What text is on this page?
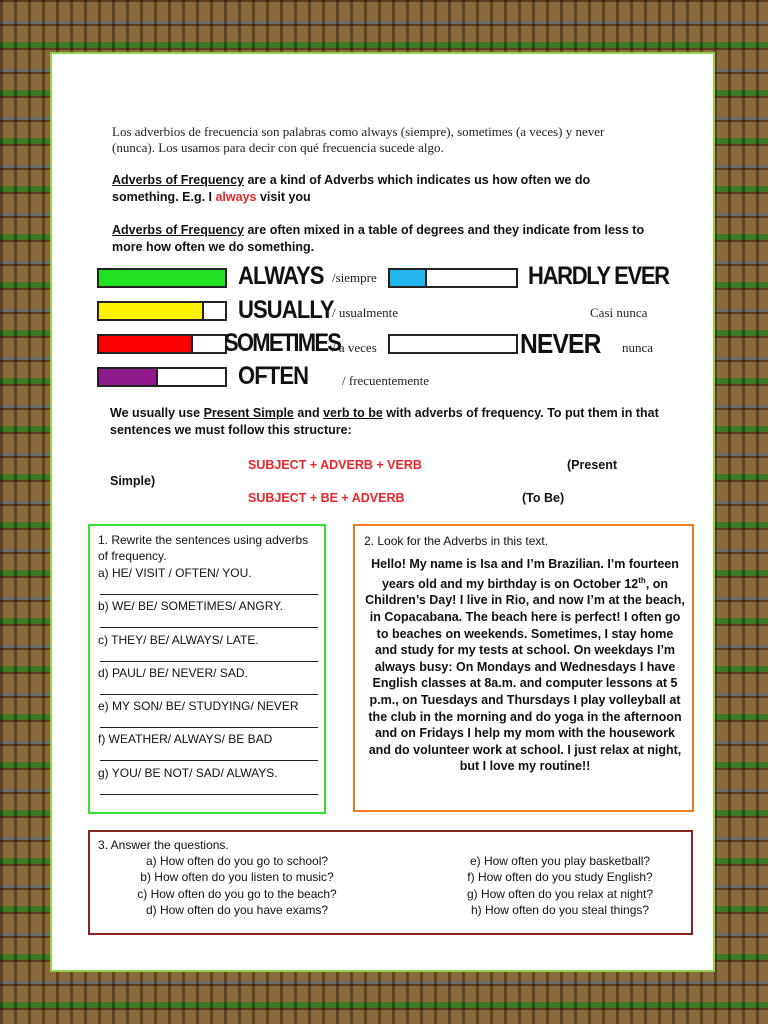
Los adverbios de frecuencia son palabras como always (siempre), sometimes (a veces) y never (nunca). Los usamos para decir con qué frecuencia sucede algo.
Adverbs of Frequency are a kind of Adverbs which indicates us how often we do something. E.g. I always visit you
Adverbs of Frequency are often mixed in a table of degrees and they indicate from less to more how often we do something.
ALWAYS /siempre
USUALLY
/ usualmente
SOMETIMES
/ a veces
OFTEN	/ frecuentemente
HARDLY EVER
Casi nunca
NEVER nunca
We usually use Present Simple and verb to be with adverbs of frequency. To put them in that sentences we must follow this structure:
SUBJECT + ADVERB + VERB	(Present
Simple)
SUBJECT + BE + ADVERB	(To Be)
1. Rewrite the sentences using adverbs
of frequency.
a) HE/ VISIT / OFTEN/ YOU.
b) WE/ BE/ SOMETIMES/ ANGRY.
c) THEY/ BE/ ALWAYS/ LATE.
d) PAUL/ BE/ NEVER/ SAD.
e) MY SON/ BE/ STUDYING/ NEVER
f) WEATHER/ ALWAYS/ BE BAD
g) YOU/ BE NOT/ SAD/ ALWAYS.
2. Look for the Adverbs in this text.
Hello! My name is Isa and I’m Brazilian. I’m fourteen years old and my birthday is on October 12th, on Children’s Day! I live in Rio, and now I’m at the beach, in Copacabana. The beach here is perfect! I often go to beaches on weekends. Sometimes, I stay home and study for my tests at school. On weekdays I’m always busy: On Mondays and Wednesdays I have English classes at 8a.m. and computer lessons at 5 p.m., on Tuesdays and Thursdays I play volleyball at the club in the morning and do yoga in the afternoon and on Fridays I help my mom with the housework and do volunteer work at school. I just relax at night, but I love my routine!!
3. Answer the questions.
a) How often do you go to school?
b) How often do you listen to music?
c) How often do you go to the beach?
d) How often do you have exams?
e) How often you play basketball?
f) How often do you study English?
g) How often do you relax at night?
h) How often do you steal things?
